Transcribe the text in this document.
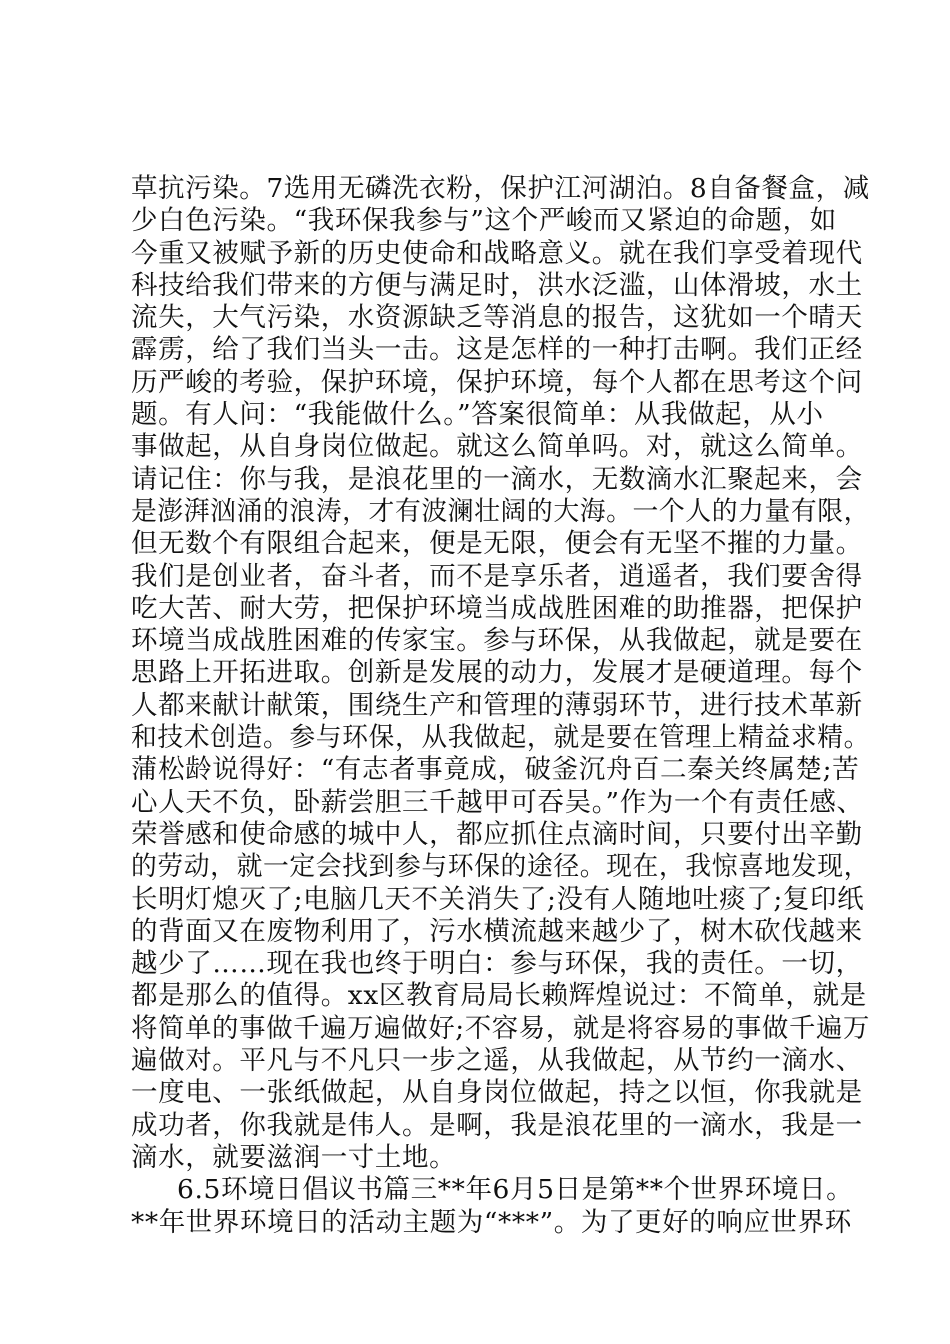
草抗污染。7选用无磷洗衣粉，保护江河湖泊。8自备餐盒，减
少白色污染。“我环保我参与”这个严峻而又紧迫的命题，如
今重又被赋予新的历史使命和战略意义。就在我们享受着现代
科技给我们带来的方便与满足时，洪水泛滥，山体滑坡，水土
流失，大气污染，水资源缺乏等消息的报告，这犹如一个晴天
霹雳，给了我们当头一击。这是怎样的一种打击啊。我们正经
历严峻的考验，保护环境，保护环境，每个人都在思考这个问
题。有人问：“我能做什么。”答案很简单：从我做起，从小
事做起，从自身岗位做起。就这么简单吗。对，就这么简单。
请记住：你与我，是浪花里的一滴水，无数滴水汇聚起来，会
是澎湃汹涌的浪涛，才有波澜壮阔的大海。一个人的力量有限，
但无数个有限组合起来，便是无限，便会有无坚不摧的力量。
我们是创业者，奋斗者，而不是享乐者，逍遥者，我们要舍得
吃大苦、耐大劳，把保护环境当成战胜困难的助推器，把保护
环境当成战胜困难的传家宝。参与环保，从我做起，就是要在
思路上开拓进取。创新是发展的动力，发展才是硬道理。每个
人都来献计献策，围绕生产和管理的薄弱环节，进行技术革新
和技术创造。参与环保，从我做起，就是要在管理上精益求精。
蒲松龄说得好：“有志者事竟成，破釜沉舟百二秦关终属楚;苦
心人天不负，卧薪尝胆三千越甲可吞吴。”作为一个有责任感、
荣誉感和使命感的城中人，都应抓住点滴时间，只要付出辛勤
的劳动，就一定会找到参与环保的途径。现在，我惊喜地发现，
长明灯熄灭了;电脑几天不关消失了;没有人随地吐痰了;复印纸
的背面又在废物利用了，污水横流越来越少了，树木砍伐越来
越少了……现在我也终于明白：参与环保，我的责任。一切，
都是那么的值得。xx区教育局局长赖辉煌说过：不简单，就是
将简单的事做千遍万遍做好;不容易，就是将容易的事做千遍万
遍做对。平凡与不凡只一步之遥，从我做起，从节约一滴水、
一度电、一张纸做起，从自身岗位做起，持之以恒，你我就是
成功者，你我就是伟人。是啊，我是浪花里的一滴水，我是一
滴水，就要滋润一寸土地。
6.5环境日倡议书篇三**年6月5日是第**个世界环境日。
**年世界环境日的活动主题为“***”。为了更好的响应世界环
